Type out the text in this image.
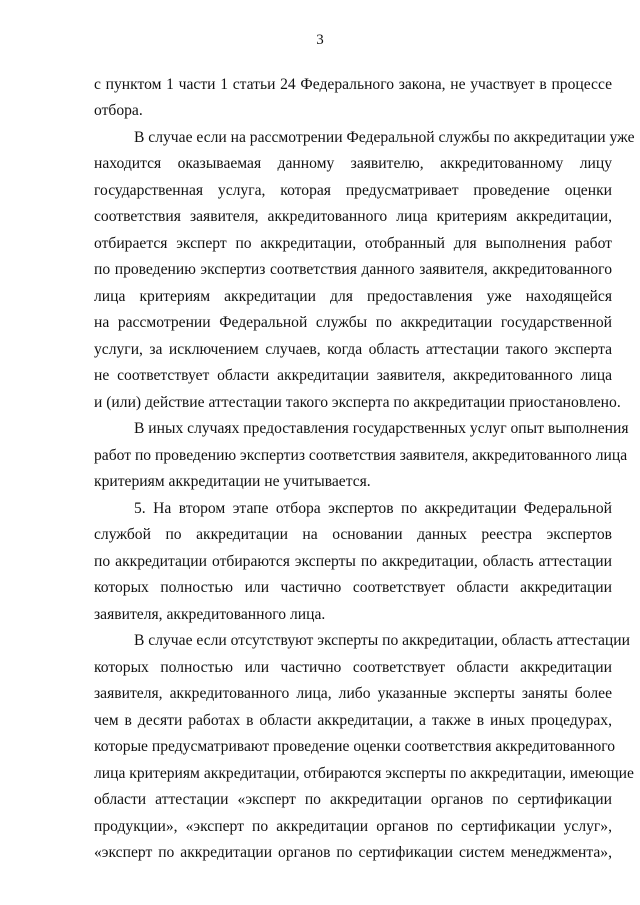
3
с пунктом 1 части 1 статьи 24 Федерального закона, не участвует в процессе
отбора.
В случае если на рассмотрении Федеральной службы по аккредитации уже
находится оказываемая данному заявителю, аккредитованному лицу
государственная услуга, которая предусматривает проведение оценки
соответствия заявителя, аккредитованного лица критериям аккредитации,
отбирается эксперт по аккредитации, отобранный для выполнения работ
по проведению экспертиз соответствия данного заявителя, аккредитованного
лица критериям аккредитации для предоставления уже находящейся
на рассмотрении Федеральной службы по аккредитации государственной
услуги, за исключением случаев, когда область аттестации такого эксперта
не соответствует области аккредитации заявителя, аккредитованного лица
и (или) действие аттестации такого эксперта по аккредитации приостановлено.
В иных случаях предоставления государственных услуг опыт выполнения
работ по проведению экспертиз соответствия заявителя, аккредитованного лица
критериям аккредитации не учитывается.
5. На втором этапе отбора экспертов по аккредитации Федеральной
службой по аккредитации на основании данных реестра экспертов
по аккредитации отбираются эксперты по аккредитации, область аттестации
которых полностью или частично соответствует области аккредитации
заявителя, аккредитованного лица.
В случае если отсутствуют эксперты по аккредитации, область аттестации
которых полностью или частично соответствует области аккредитации
заявителя, аккредитованного лица, либо указанные эксперты заняты более
чем в десяти работах в области аккредитации, а также в иных процедурах,
которые предусматривают проведение оценки соответствия аккредитованного
лица критериям аккредитации, отбираются эксперты по аккредитации, имеющие
области аттестации «эксперт по аккредитации органов по сертификации
продукции», «эксперт по аккредитации органов по сертификации услуг»,
«эксперт по аккредитации органов по сертификации систем менеджмента»,
